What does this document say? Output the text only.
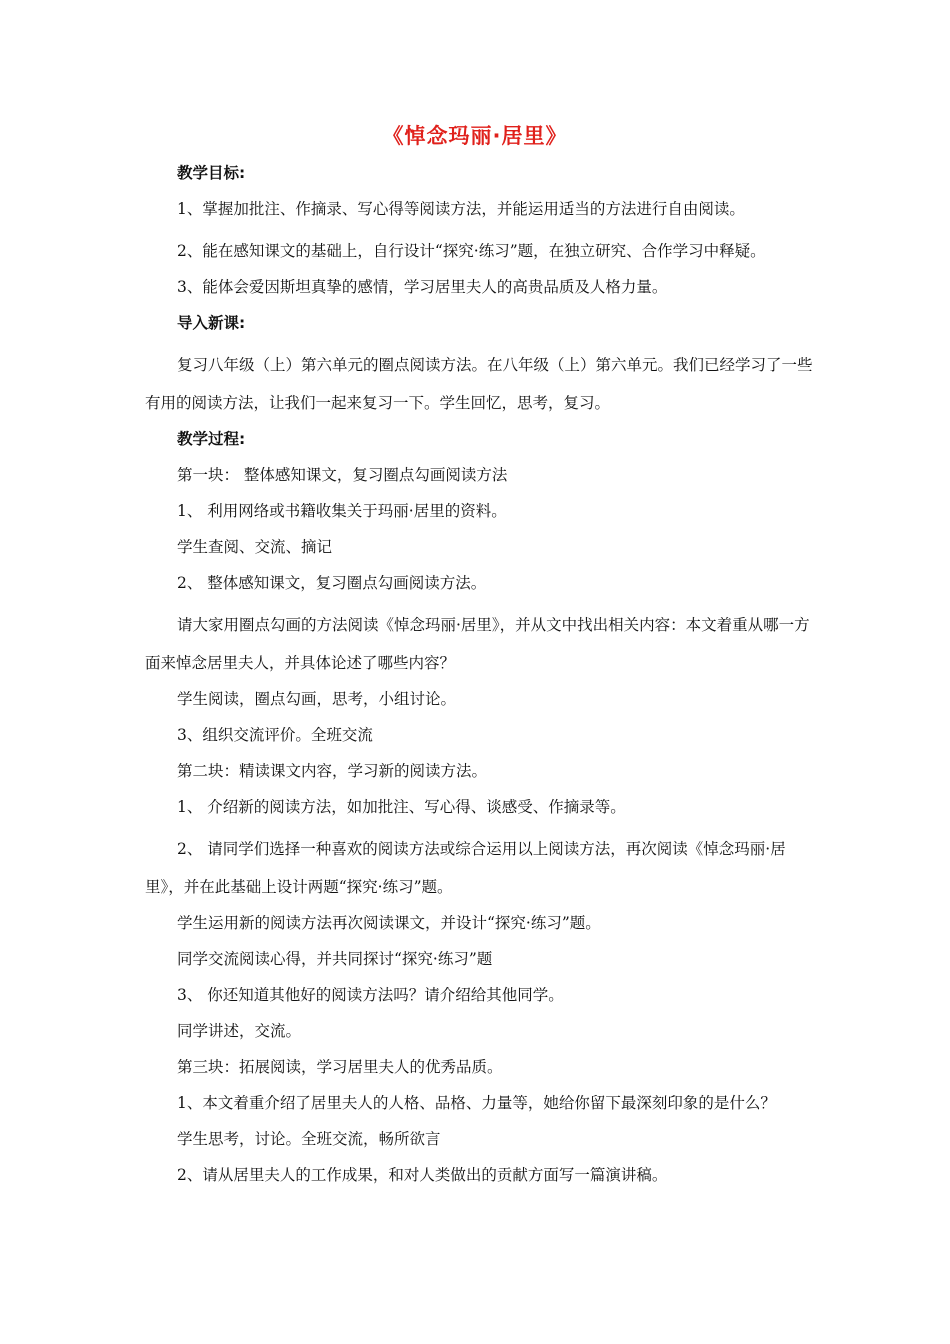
《悼念玛丽·居里》

教学目标:

1、掌握加批注、作摘录、写心得等阅读方法，并能运用适当的方法进行自由阅读。

2、能在感知课文的基础上，自行设计“探究·练习”题，在独立研究、合作学习中释疑。

3、能体会爱因斯坦真挚的感情，学习居里夫人的高贵品质及人格力量。

导入新课:

复习八年级（上）第六单元的圈点阅读方法。在八年级（上）第六单元。我们已经学习了一些有用的阅读方法，让我们一起来复习一下。学生回忆，思考，复习。

教学过程:

第一块： 整体感知课文，复习圈点勾画阅读方法

1、 利用网络或书籍收集关于玛丽·居里的资料。

学生查阅、交流、摘记

2、 整体感知课文，复习圈点勾画阅读方法。

请大家用圈点勾画的方法阅读《悼念玛丽·居里》，并从文中找出相关内容：本文着重从哪一方面来悼念居里夫人，并具体论述了哪些内容？

学生阅读，圈点勾画，思考，小组讨论。

3、组织交流评价。全班交流

第二块：精读课文内容，学习新的阅读方法。

1、 介绍新的阅读方法，如加批注、写心得、谈感受、作摘录等。

2、 请同学们选择一种喜欢的阅读方法或综合运用以上阅读方法，再次阅读《悼念玛丽·居里》，并在此基础上设计两题“探究·练习”题。

学生运用新的阅读方法再次阅读课文，并设计“探究·练习”题。

同学交流阅读心得，并共同探讨“探究·练习”题

3、 你还知道其他好的阅读方法吗？请介绍给其他同学。

同学讲述，交流。

第三块：拓展阅读，学习居里夫人的优秀品质。

1、本文着重介绍了居里夫人的人格、品格、力量等，她给你留下最深刻印象的是什么？

学生思考，讨论。全班交流，畅所欲言

2、请从居里夫人的工作成果，和对人类做出的贡献方面写一篇演讲稿。
